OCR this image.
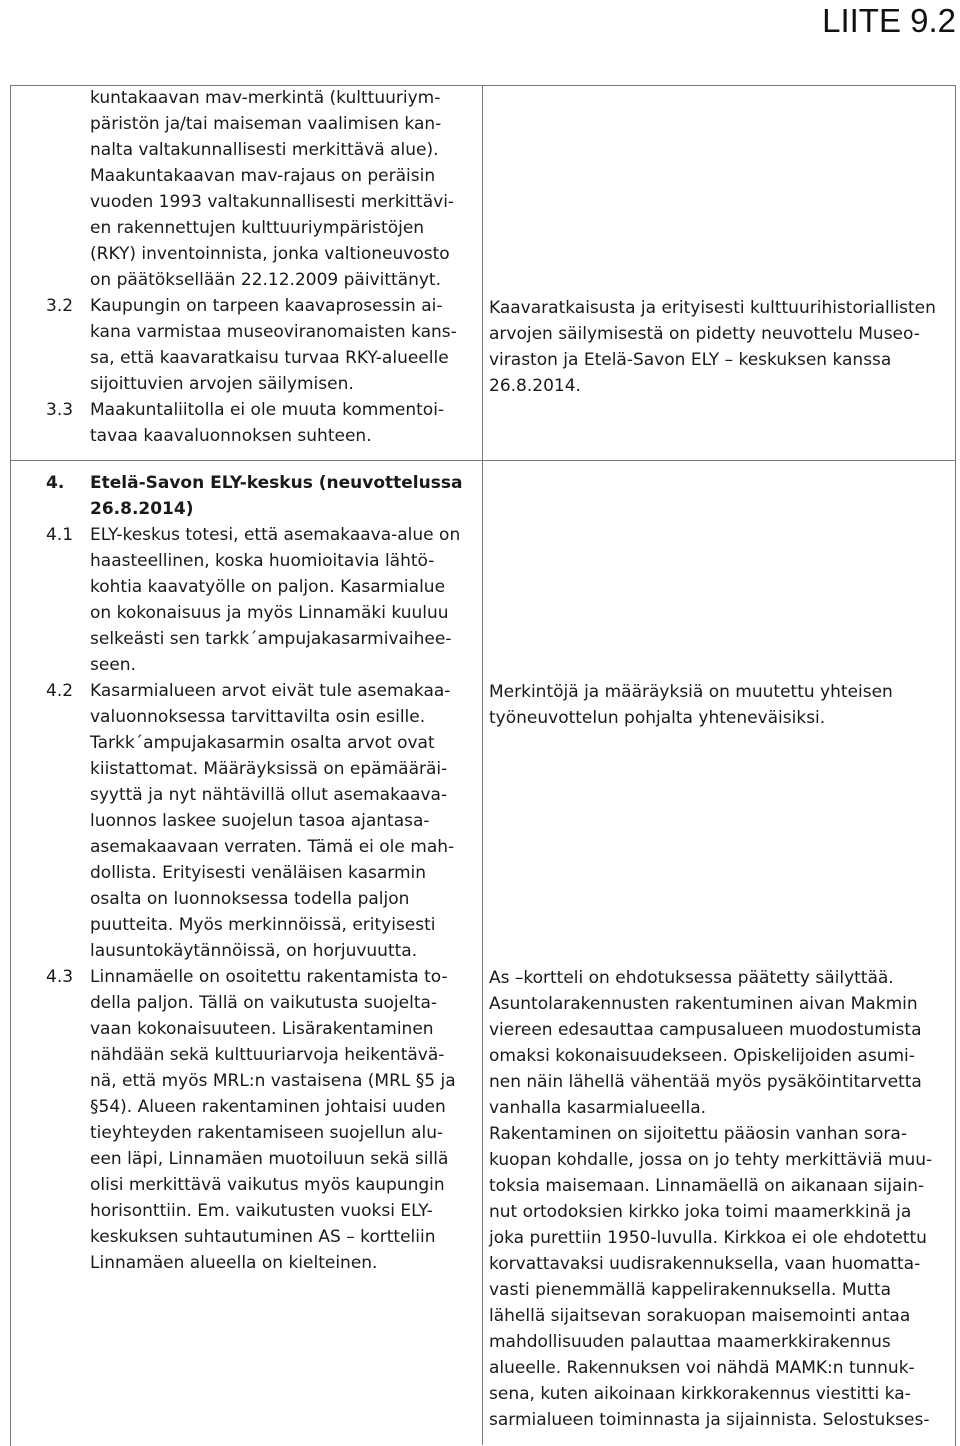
LIITE 9.2
kuntakaavan mav-merkintä (kulttuuriym-
päristön ja/tai maiseman vaalimisen kan-
nalta valtakunnallisesti merkittävä alue).
Maakuntakaavan mav-rajaus on peräisin
vuoden 1993 valtakunnallisesti merkittävi-
en rakennettujen kulttuuriympäristöjen
(RKY) inventoinnista, jonka valtioneuvosto
on päätöksellään 22.12.2009 päivittänyt.
3.2 Kaupungin on tarpeen kaavaprosessin ai-
kana varmistaa museoviranomaisten kans-
sa, että kaavaratkaisu turvaa RKY-alueelle
sijoittuvien arvojen säilymisen.
3.3 Maakuntaliitolla ei ole muuta kommentoi-
tavaa kaavaluonnoksen suhteen.
Kaavaratkaisusta ja erityisesti kulttuurihistoriallisten
arvojen säilymisestä on pidetty neuvottelu Museo-
viraston ja Etelä-Savon ELY – keskuksen kanssa
26.8.2014.
4. Etelä-Savon ELY-keskus (neuvottelussa
26.8.2014)
4.1 ELY-keskus totesi, että asemakaava-alue on
haasteellinen, koska huomioitavia lähtö-
kohtia kaavatyölle on paljon. Kasarmialue
on kokonaisuus ja myös Linnamäki kuuluu
selkeästi sen tarkk´ampujakasarmivaihee-
seen.
4.2 Kasarmialueen arvot eivät tule asemakaa-
valuonnoksessa tarvittavilta osin esille.
Tarkk´ampujakasarmin osalta arvot ovat
kiistattomat. Määräyksissä on epämääräi-
syyttä ja nyt nähtävillä ollut asemakaava-
luonnos laskee suojelun tasoa ajantasa-
asemakaavaan verraten. Tämä ei ole mah-
dollista. Erityisesti venäläisen kasarmin
osalta on luonnoksessa todella paljon
puutteita. Myös merkinnöissä, erityisesti
lausuntokäytännöissä, on horjuvuutta.
4.3 Linnamäelle on osoitettu rakentamista to-
della paljon. Tällä on vaikutusta suojelta-
vaan kokonaisuuteen. Lisärakentaminen
nähdään sekä kulttuuriarvoja heikentävä-
nä, että myös MRL:n vastaisena (MRL §5 ja
§54). Alueen rakentaminen johtaisi uuden
tieyhteyden rakentamiseen suojellun alu-
een läpi, Linnamäen muotoiluun sekä sillä
olisi merkittävä vaikutus myös kaupungin
horisonttiin. Em. vaikutusten vuoksi ELY-
keskuksen suhtautuminen AS – kortteliin
Linnamäen alueella on kielteinen.
Merkintöjä ja määräyksiä on muutettu yhteisen
työneuvottelun pohjalta yhteneväisiksi.
As –kortteli on ehdotuksessa päätetty säilyttää.
Asuntolarakennusten rakentuminen aivan Makmin
viereen edesauttaa campusalueen muodostumista
omaksi kokonaisuudekseen. Opiskelijoiden asumi-
nen näin lähellä vähentää myös pysäköintitarvetta
vanhalla kasarmialueella.
Rakentaminen on sijoitettu pääosin vanhan sora-
kuopan kohdalle, jossa on jo tehty merkittäviä muu-
toksia maisemaan. Linnamäellä on aikanaan sijain-
nut ortodoksien kirkko joka toimi maamerkkinä ja
joka purettiin 1950-luvulla. Kirkkoa ei ole ehdotettu
korvattavaksi uudisrakennuksella, vaan huomatta-
vasti pienemmällä kappelirakennuksella. Mutta
lähellä sijaitsevan sorakuopan maisemointi antaa
mahdollisuuden palauttaa maamerkkirakennus
alueelle. Rakennuksen voi nähdä MAMK:n tunnuk-
sena, kuten aikoinaan kirkkorakennus viestitti ka-
sarmialueen toiminnasta ja sijainnista. Selostukses-
